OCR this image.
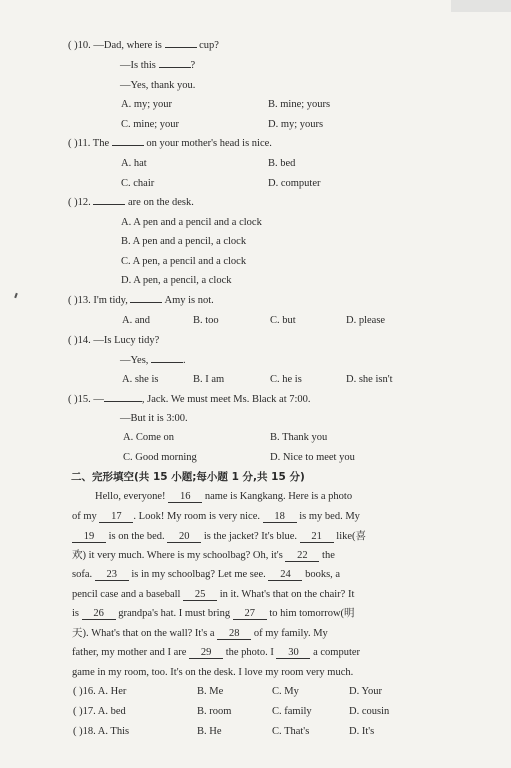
( )10. —Dad, where is	cup?
—Is this	?
—Yes, thank you.
A. my; your	B. mine; yours
C. mine; your	D. my; yours
( )11. The	on your mother's head is nice.
A. hat	B. bed
C. chair	D. computer
( )12.	are on the desk.
A. A pen and a pencil and a clock
B. A pen and a pencil, a clock
C. A pen, a pencil and a clock
D. A pen, a pencil, a clock
( )13. I'm tidy,	Amy is not.
A. and	B. too	C. but	D. please
( )14. —Is Lucy tidy?
—Yes,	.
A. she is	B. I am	C. he is	D. she isn't
( )15. —	, Jack. We must meet Ms. Black at 7:00.
—But it is 3:00.
A. Come on	B. Thank you
C. Good morning	D. Nice to meet you
二、完形填空(共 15 小题;每小题 1 分,共 15 分)
Hello, everyone! 16 name is Kangkang. Here is a photo
of my 17 . Look! My room is very nice. 18 is my bed. My
19 is on the bed. 20 is the jacket? It's blue. 21 like(喜
欢) it very much. Where is my schoolbag? Oh, it's 22 the
sofa. 23 is in my schoolbag? Let me see. 24 books, a
pencil case and a baseball 25 in it. What's that on the chair? It
is 26 grandpa's hat. I must bring 27 to him tomorrow(明
天). What's that on the wall? It's a 28 of my family. My
father, my mother and I are 29 the photo. I 30 a computer
game in my room, too. It's on the desk. I love my room very much.
( )16. A. Her	B. Me	C. My	D. Your
( )17. A. bed	B. room	C. family	D. cousin
( )18. A. This	B. He	C. That's	D. It's
